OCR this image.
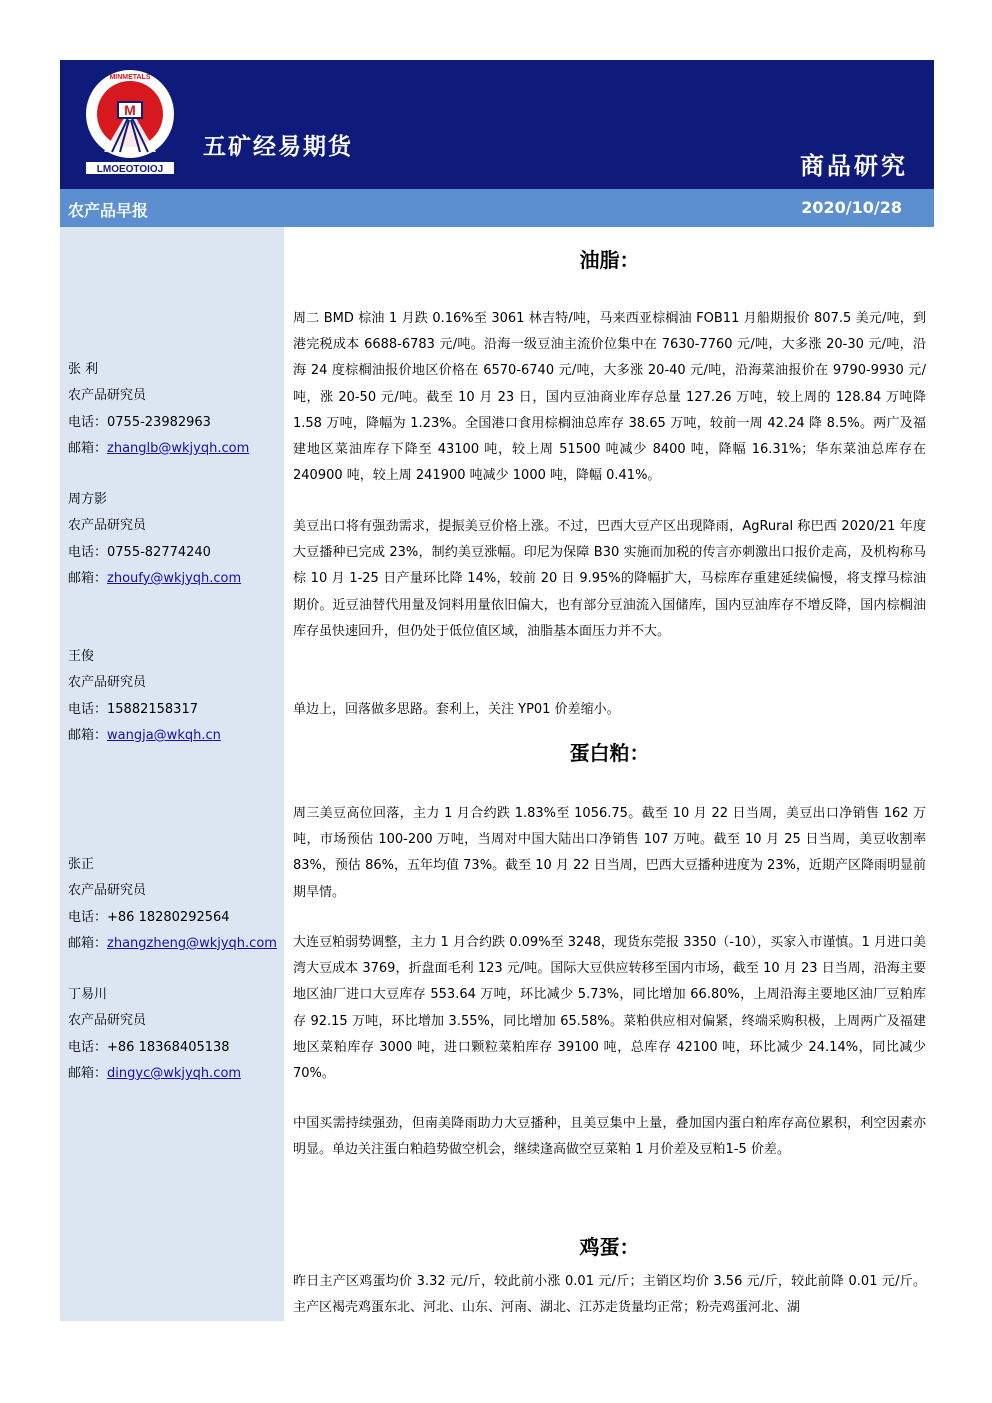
M
MINMETALS
LMOEOTOIOJ
五矿经易期货
商品研究
农产品早报	2020/10/28
张 利
农产品研究员
电话：0755-23982963
邮箱：zhanglb@wkjyqh.com
周方影
农产品研究员
电话：0755-82774240
邮箱：zhoufy@wkjyqh.com
王俊
农产品研究员
电话：15882158317
邮箱：wangja@wkqh.cn
张正
农产品研究员
电话：+86 18280292564
邮箱：zhangzheng@wkjyqh.com
丁易川
农产品研究员
电话：+86 18368405138
邮箱：dingyc@wkjyqh.com
油脂：

周二 BMD 棕油 1 月跌 0.16%至 3061 林吉特/吨，马来西亚棕榈油 FOB11 月船期报价 807.5 美元/吨，到港完税成本 6688-6783 元/吨。沿海一级豆油主流价位集中在 7630-7760 元/吨，大多涨 20-30 元/吨，沿海 24 度棕榈油报价地区价格在 6570-6740 元/吨，大多涨 20-40 元/吨，沿海菜油报价在 9790-9930 元/吨，涨 20-50 元/吨。截至 10 月 23 日，国内豆油商业库存总量 127.26 万吨，较上周的 128.84 万吨降 1.58 万吨，降幅为 1.23%。全国港口食用棕榈油总库存 38.65 万吨，较前一周 42.24 降 8.5%。两广及福建地区菜油库存下降至 43100 吨，较上周 51500 吨减少 8400 吨，降幅 16.31%；华东菜油总库存在 240900 吨，较上周 241900 吨减少 1000 吨，降幅 0.41%。

美豆出口将有强劲需求，提振美豆价格上涨。不过，巴西大豆产区出现降雨，AgRural 称巴西 2020/21 年度大豆播种已完成 23%，制约美豆涨幅。印尼为保障 B30 实施而加税的传言亦刺激出口报价走高，及机构称马棕 10 月 1-25 日产量环比降 14%，较前 20 日 9.95%的降幅扩大，马棕库存重建延续偏慢，将支撑马棕油期价。近豆油替代用量及饲料用量依旧偏大，也有部分豆油流入国储库，国内豆油库存不增反降，国内棕榈油库存虽快速回升，但仍处于低位值区域，油脂基本面压力并不大。

单边上，回落做多思路。套利上，关注 YP01 价差缩小。

蛋白粕：

周三美豆高位回落，主力 1 月合约跌 1.83%至 1056.75。截至 10 月 22 日当周，美豆出口净销售 162 万吨，市场预估 100-200 万吨，当周对中国大陆出口净销售 107 万吨。截至 10 月 25 日当周，美豆收割率 83%，预估 86%，五年均值 73%。截至 10 月 22 日当周，巴西大豆播种进度为 23%，近期产区降雨明显前期旱情。

大连豆粕弱势调整，主力 1 月合约跌 0.09%至 3248，现货东莞报 3350（-10），买家入市谨慎。1 月进口美湾大豆成本 3769，折盘面毛利 123 元/吨。国际大豆供应转移至国内市场，截至 10 月 23 日当周，沿海主要地区油厂进口大豆库存 553.64 万吨，环比减少 5.73%，同比增加 66.80%，上周沿海主要地区油厂豆粕库存 92.15 万吨，环比增加 3.55%，同比增加 65.58%。菜粕供应相对偏紧，终端采购积极，上周两广及福建地区菜粕库存 3000 吨，进口颗粒菜粕库存 39100 吨，总库存 42100 吨，环比减少 24.14%，同比减少 70%。

中国买需持续强劲，但南美降雨助力大豆播种，且美豆集中上量，叠加国内蛋白粕库存高位累积，利空因素亦明显。单边关注蛋白粕趋势做空机会，继续逢高做空豆菜粕 1 月价差及豆粕1-5 价差。

鸡蛋：

昨日主产区鸡蛋均价 3.32 元/斤，较此前小涨 0.01 元/斤；主销区均价 3.56 元/斤，较此前降 0.01 元/斤。主产区褐壳鸡蛋东北、河北、山东、河南、湖北、江苏走货量均正常；粉壳鸡蛋河北、湖
